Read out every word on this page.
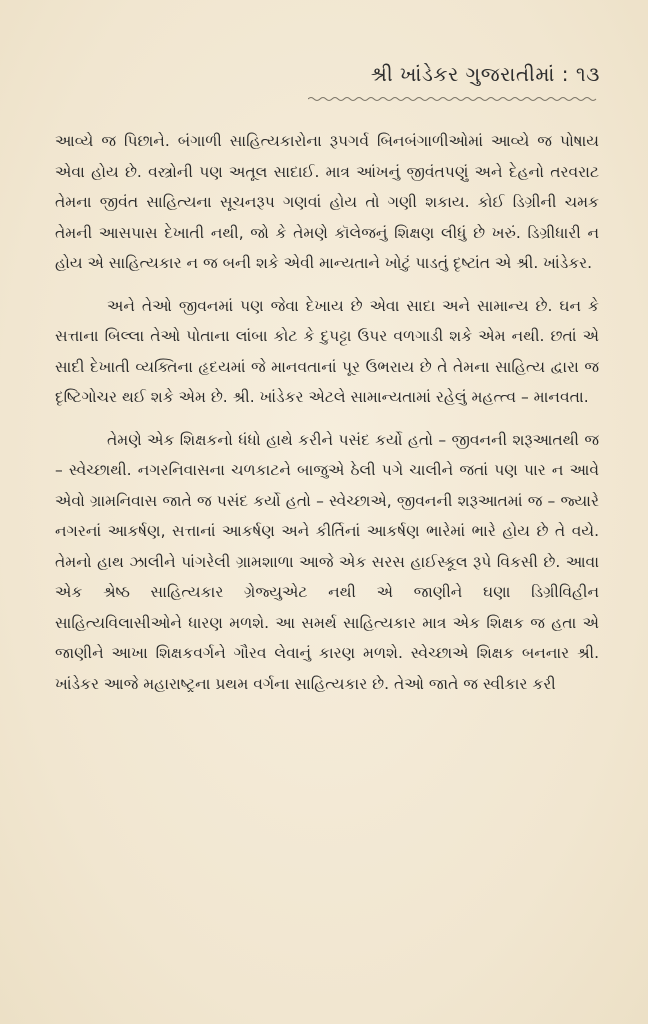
શ્રી ખાંડેકર ગુજરાતીમાં : ૧૩

આવ્યે જ પિછાને. બંગાળી સાહિત્યકારોના રૂપગર્વ બિનબંગાળીઓમાં આવ્યે જ પોષાય એવા હોય છે. વસ્ત્રોની પણ અતૂલ સાદાઈ. માત્ર આંખનું જીવંતપણું અને દેહનો તરવરાટ તેમના જીવંત સાહિત્યના સૂચનરૂપ ગણવાં હોય તો ગણી શકાય. કોઈ ડિગ્રીની ચમક તેમની આસપાસ દેખાતી નથી, જો કે તેમણે કૉલેજનું શિક્ષણ લીધું છે ખરું. ડિગ્રીધારી ન હોય એ સાહિત્યકાર ન જ બની શકે એવી માન્યતાને ખોટું પાડતું દૃષ્ટાંત એ શ્રી. ખાંડેકર.

અને તેઓ જીવનમાં પણ જેવા દેખાય છે એવા સાદા અને સામાન્ય છે. ઘન કે સત્તાના બિલ્લા તેઓ પોતાના લાંબા કોટ કે દુપટ્ટા ઉપર વળગાડી શકે એમ નથી. છતાં એ સાદી દેખાતી વ્યક્તિના હૃદયમાં જે માનવતાનાં પૂર ઉભરાય છે તે તેમના સાહિત્ય દ્વારા જ દૃષ્ટિગોચર થઈ શકે એમ છે. શ્રી. ખાંડેકર એટલે સામાન્યતામાં રહેલું મહત્ત્વ – માનવતા.

તેમણે એક શિક્ષકનો ધંધો હાથે કરીને પસંદ કર્યો હતો – જીવનની શરૂઆતથી જ – સ્વેચ્છાથી. નગરનિવાસના ચળકાટને બાજુએ ઠેલી પગે ચાલીને જતાં પણ પાર ન આવે એવો ગ્રામનિવાસ જાતે જ પસંદ કર્યો હતો – સ્વેચ્છાએ, જીવનની શરૂઆતમાં જ – જ્યારે નગરનાં આકર્ષણ, સત્તાનાં આકર્ષણ અને કીર્તિનાં આકર્ષણ ભારેમાં ભારે હોય છે તે વયે. તેમનો હાથ ઝાલીને પાંગરેલી ગ્રામશાળા આજે એક સરસ હાઈસ્કૂલ રૂપે વિકસી છે. આવા એક શ્રેષ્ઠ સાહિત્યકાર ગ્રેજ્યુએટ નથી એ જાણીને ઘણા ડિગ્રીવિહીન સાહિત્યવિલાસીઓને ધારણ મળશે. આ સમર્થ સાહિત્યકાર માત્ર એક શિક્ષક જ હતા એ જાણીને આખા શિક્ષકવર્ગને ગૌરવ લેવાનું કારણ મળશે. સ્વેચ્છાએ શિક્ષક બનનાર શ્રી. ખાંડેકર આજે મહારાષ્ટ્રના પ્રથમ વર્ગના સાહિત્યકાર છે. તેઓ જાતે જ સ્વીકાર કરી
